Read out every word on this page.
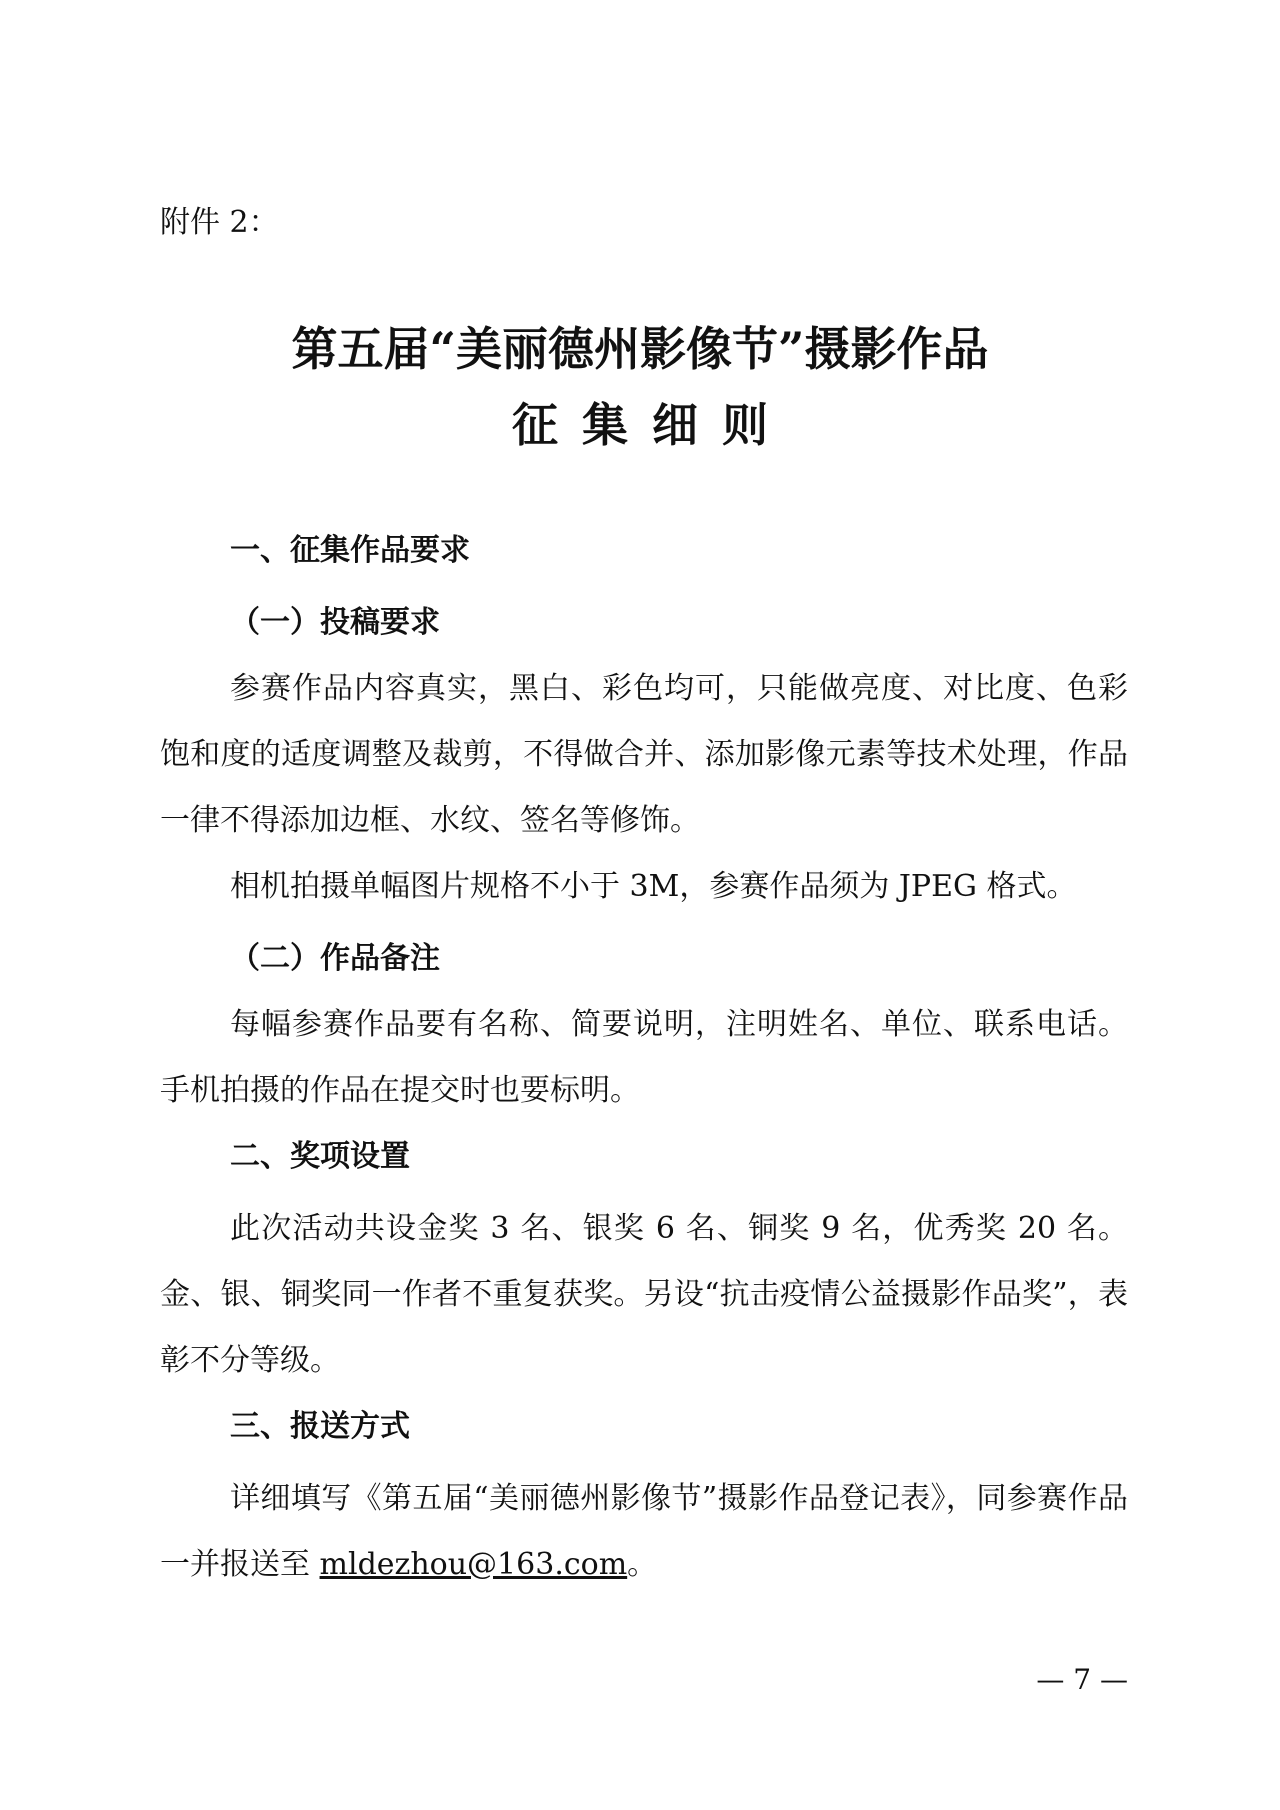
附件 2：

第五届“美丽德州影像节”摄影作品
征集细则

一、征集作品要求

（一）投稿要求

参赛作品内容真实，黑白、彩色均可，只能做亮度、对比度、色彩饱和度的适度调整及裁剪，不得做合并、添加影像元素等技术处理，作品一律不得添加边框、水纹、签名等修饰。

相机拍摄单幅图片规格不小于 3M，参赛作品须为 JPEG 格式。

（二）作品备注

每幅参赛作品要有名称、简要说明，注明姓名、单位、联系电话。手机拍摄的作品在提交时也要标明。

二、奖项设置

此次活动共设金奖 3 名、银奖 6 名、铜奖 9 名，优秀奖 20 名。金、银、铜奖同一作者不重复获奖。另设“抗击疫情公益摄影作品奖”，表彰不分等级。

三、报送方式

详细填写《第五届“美丽德州影像节”摄影作品登记表》，同参赛作品一并报送至 mldezhou@163.com。

— 7 —
